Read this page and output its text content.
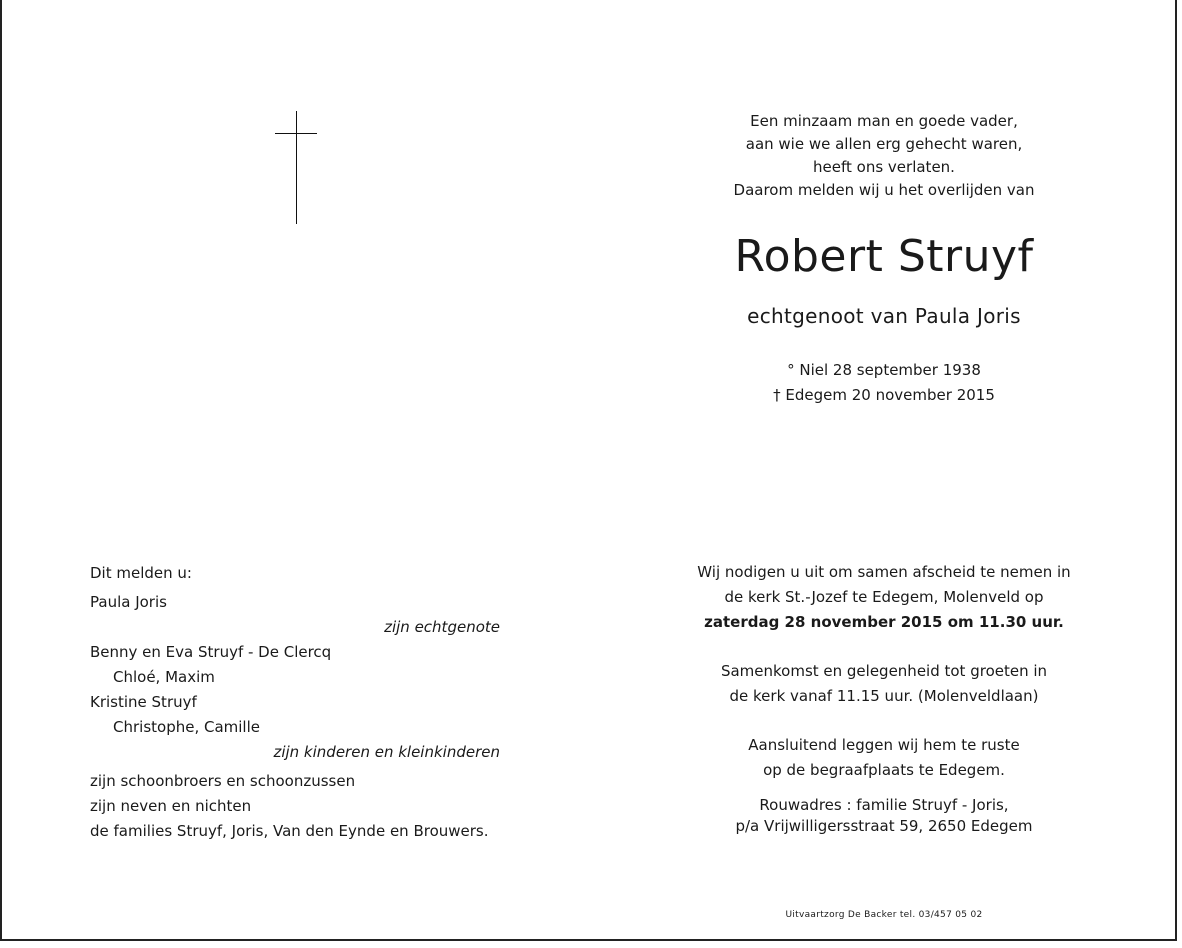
Een minzaam man en goede vader,
aan wie we allen erg gehecht waren,
heeft ons verlaten.
Daarom melden wij u het overlijden van
Robert Struyf
echtgenoot van Paula Joris
° Niel 28 september 1938
† Edegem 20 november 2015
Dit melden u:
Paula Joris
zijn echtgenote
Benny en Eva Struyf - De Clercq
Chloé, Maxim
Kristine Struyf
Christophe, Camille
zijn kinderen en kleinkinderen
zijn schoonbroers en schoonzussen
zijn neven en nichten
de families Struyf, Joris, Van den Eynde en Brouwers.
Wij nodigen u uit om samen afscheid te nemen in
de kerk St.-Jozef te Edegem, Molenveld op
zaterdag 28 november 2015 om 11.30 uur.
Samenkomst en gelegenheid tot groeten in
de kerk vanaf 11.15 uur. (Molenveldlaan)
Aansluitend leggen wij hem te ruste
op de begraafplaats te Edegem.
Rouwadres : familie Struyf - Joris,
p/a Vrijwilligersstraat 59, 2650 Edegem
Uitvaartzorg De Backer tel. 03/457 05 02
